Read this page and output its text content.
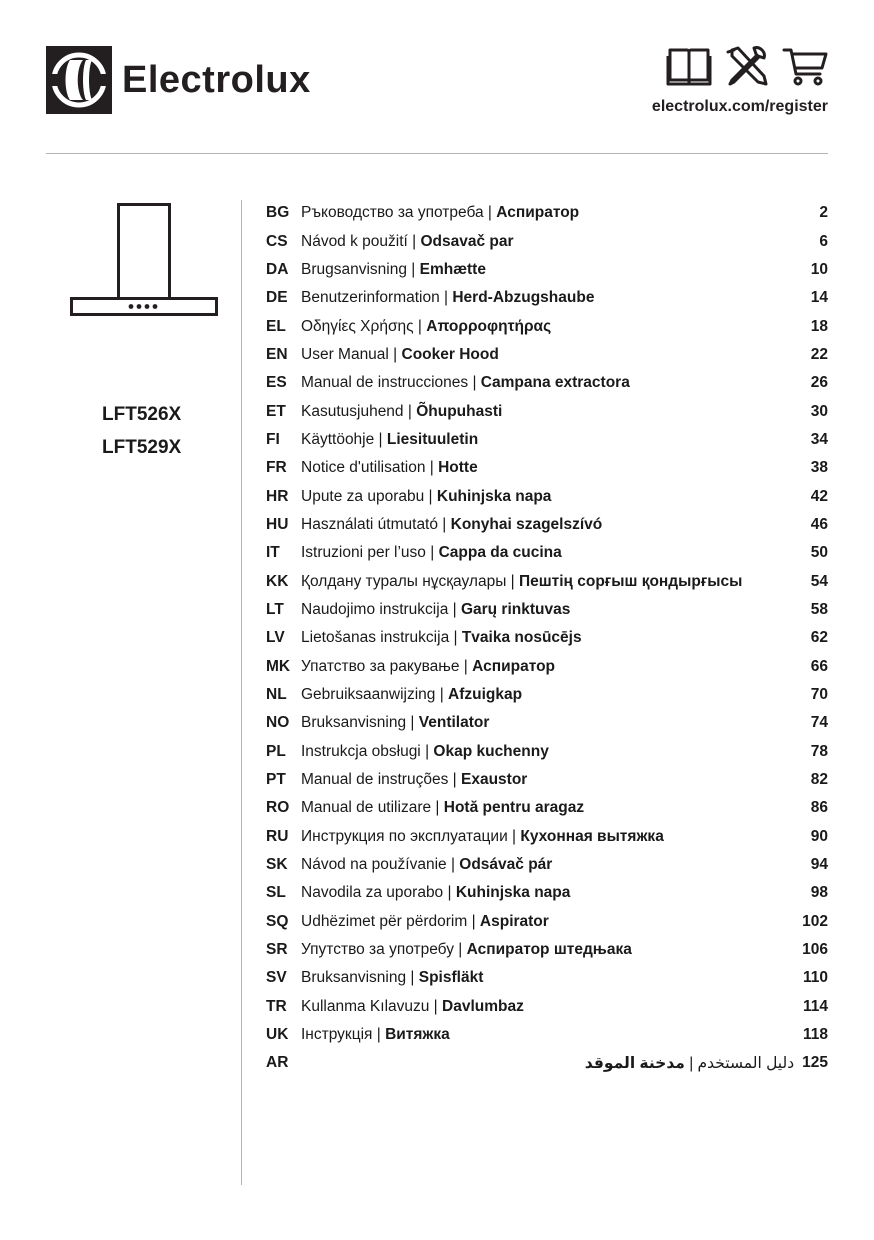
Electrolux
electrolux.com/register
LFT526X
LFT529X
BG Ръководство за употреба | Аспиратор	2
CS Návod k použití | Odsavač par	6
DA Brugsanvisning | Emhætte	10
DE Benutzerinformation | Herd-Abzugshaube	14
EL Οδηγίες Χρήσης | Απορροφητήρας	18
EN User Manual | Cooker Hood	22
ES Manual de instrucciones | Campana extractora	26
ET Kasutusjuhend | Õhupuhasti	30
FI	Käyttöohje | Liesituuletin	34
FR Notice d'utilisation | Hotte	38
HR Upute za uporabu | Kuhinjska napa	42
HU Használati útmutató | Konyhai szagelszívó	46
IT	Istruzioni per l’uso | Cappa da cucina	50
KK Қолдану туралы нұсқаулары | Пештің сорғыш қондырғысы	54
LT	Naudojimo instrukcija | Garų rinktuvas	58
LV	Lietošanas instrukcija | Tvaika nosūcējs	62
MK Упатство за ракување | Аспиратор	66
NL Gebruiksaanwijzing | Afzuigkap	70
NO Bruksanvisning | Ventilator	74
PL Instrukcja obsługi | Okap kuchenny	78
PT Manual de instruções | Exaustor	82
RO Manual de utilizare | Hotă pentru aragaz	86
RU Инструкция по эксплуатации | Кухонная вытяжка	90
SK Návod na používanie | Odsávač pár	94
SL Navodila za uporabo | Kuhinjska napa	98
SQ Udhëzimet për përdorim | Aspirator	102
SR Упутство за употребу | Аспиратор штедњака	106
SV Bruksanvisning | Spisfläkt	110
TR Kullanma Kılavuzu | Davlumbaz	114
UK Інструкція | Витяжка	118
AR	دليل المستخدم | مدخنة الموقد	125
